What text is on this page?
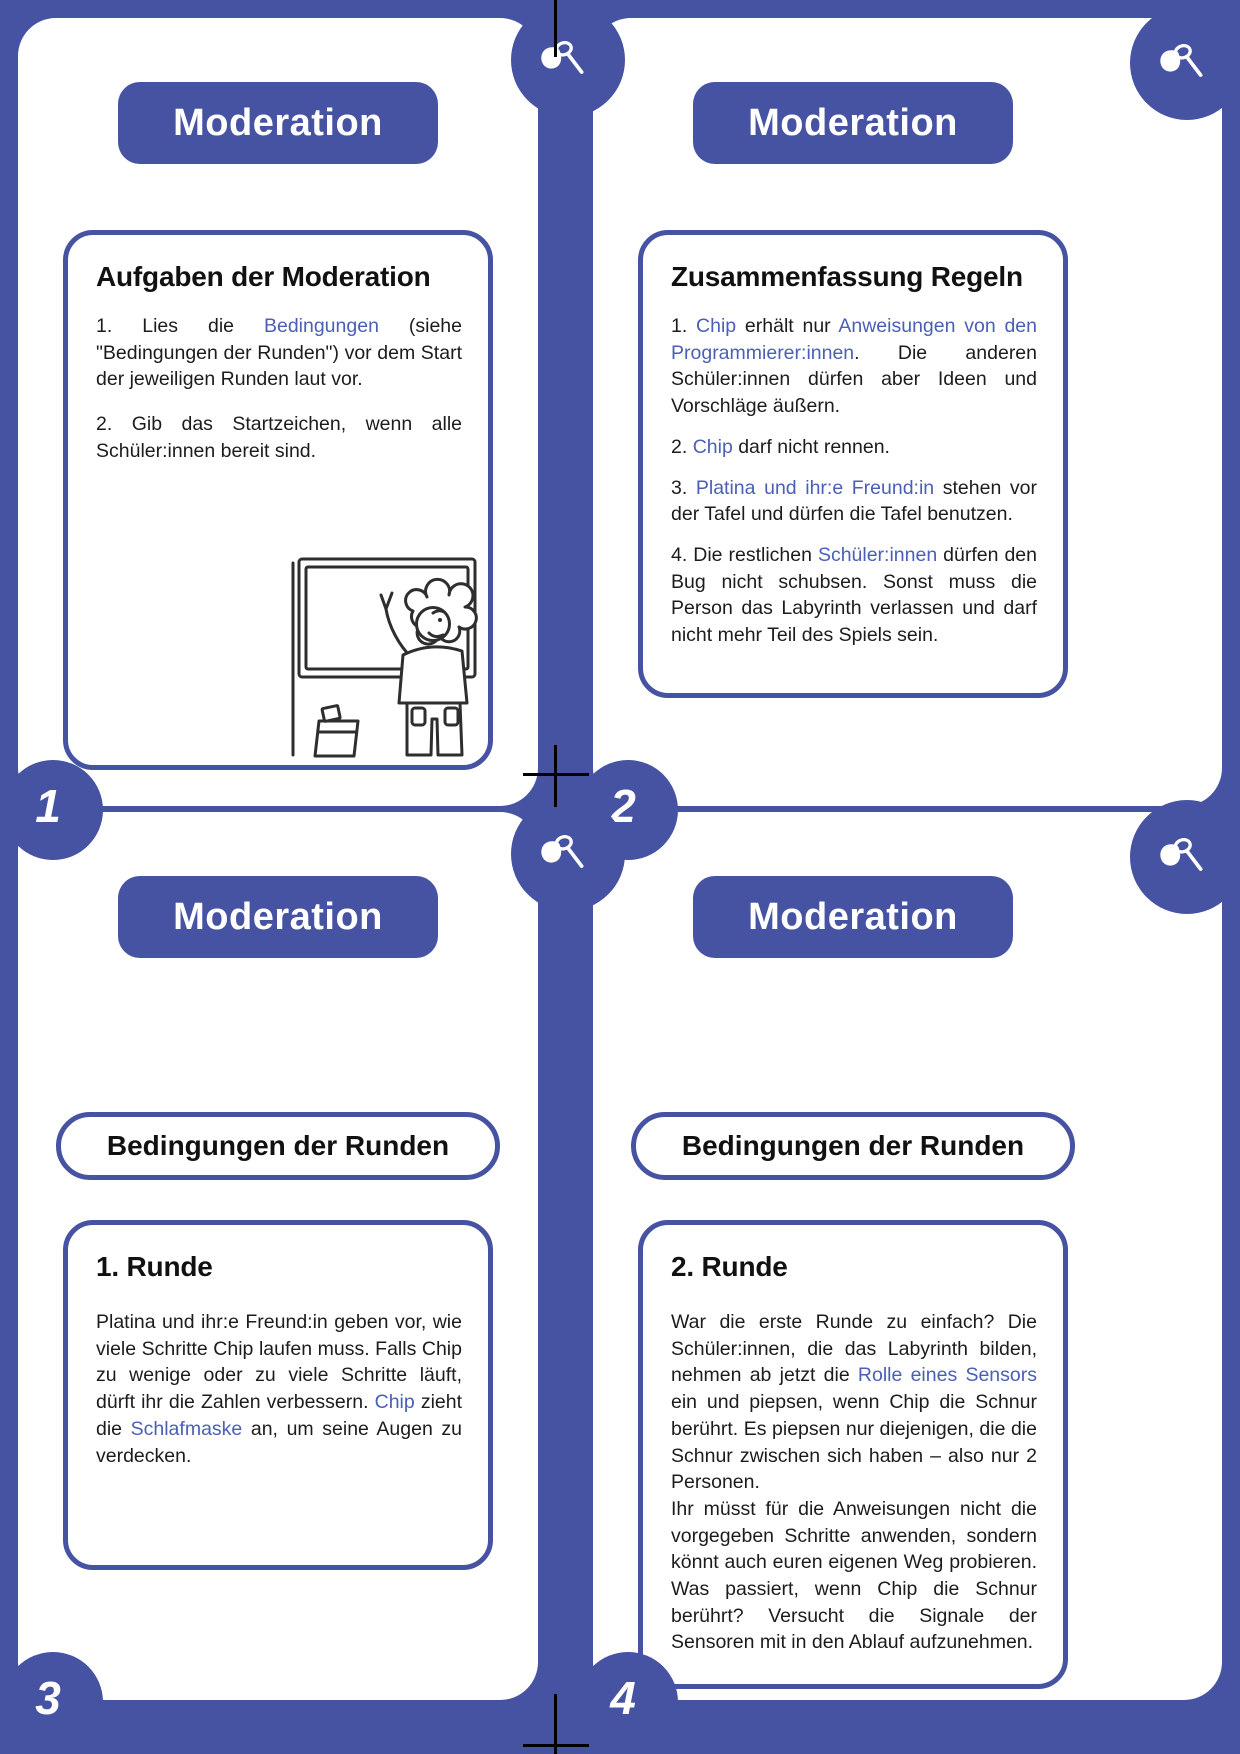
Moderation
Aufgaben der Moderation

1. Lies die Bedingungen (siehe "Bedingungen der Runden") vor dem Start der jeweiligen Runden laut vor.

2. Gib das Startzeichen, wenn alle Schüler:innen bereit sind.

1
Moderation
Zusammenfassung Regeln

1. Chip erhält nur Anweisungen von den Programmierer:innen. Die anderen Schüler:innen dürfen aber Ideen und Vorschläge äußern.

2. Chip darf nicht rennen.

3. Platina und ihr:e Freund:in stehen vor der Tafel und dürfen die Tafel benutzen.

4. Die restlichen Schüler:innen dürfen den Bug nicht schubsen. Sonst muss die Person das Labyrinth verlassen und darf nicht mehr Teil des Spiels sein.

2
Moderation
Bedingungen der Runden
1. Runde

Platina und ihr:e Freund:in geben vor, wie viele Schritte Chip laufen muss. Falls Chip zu wenige oder zu viele Schritte läuft, dürft ihr die Zahlen verbessern. Chip zieht die Schlafmaske an, um seine Augen zu verdecken.

3
Moderation
Bedingungen der Runden
2. Runde

War die erste Runde zu einfach? Die Schüler:innen, die das Labyrinth bilden, nehmen ab jetzt die Rolle eines Sensors ein und piepsen, wenn Chip die Schnur berührt. Es piepsen nur diejenigen, die die Schnur zwischen sich haben – also nur 2 Personen.

Ihr müsst für die Anweisungen nicht die vorgegeben Schritte anwenden, sondern könnt auch euren eigenen Weg probieren. Was passiert, wenn Chip die Schnur berührt? Versucht die Signale der Sensoren mit in den Ablauf aufzunehmen.

4
